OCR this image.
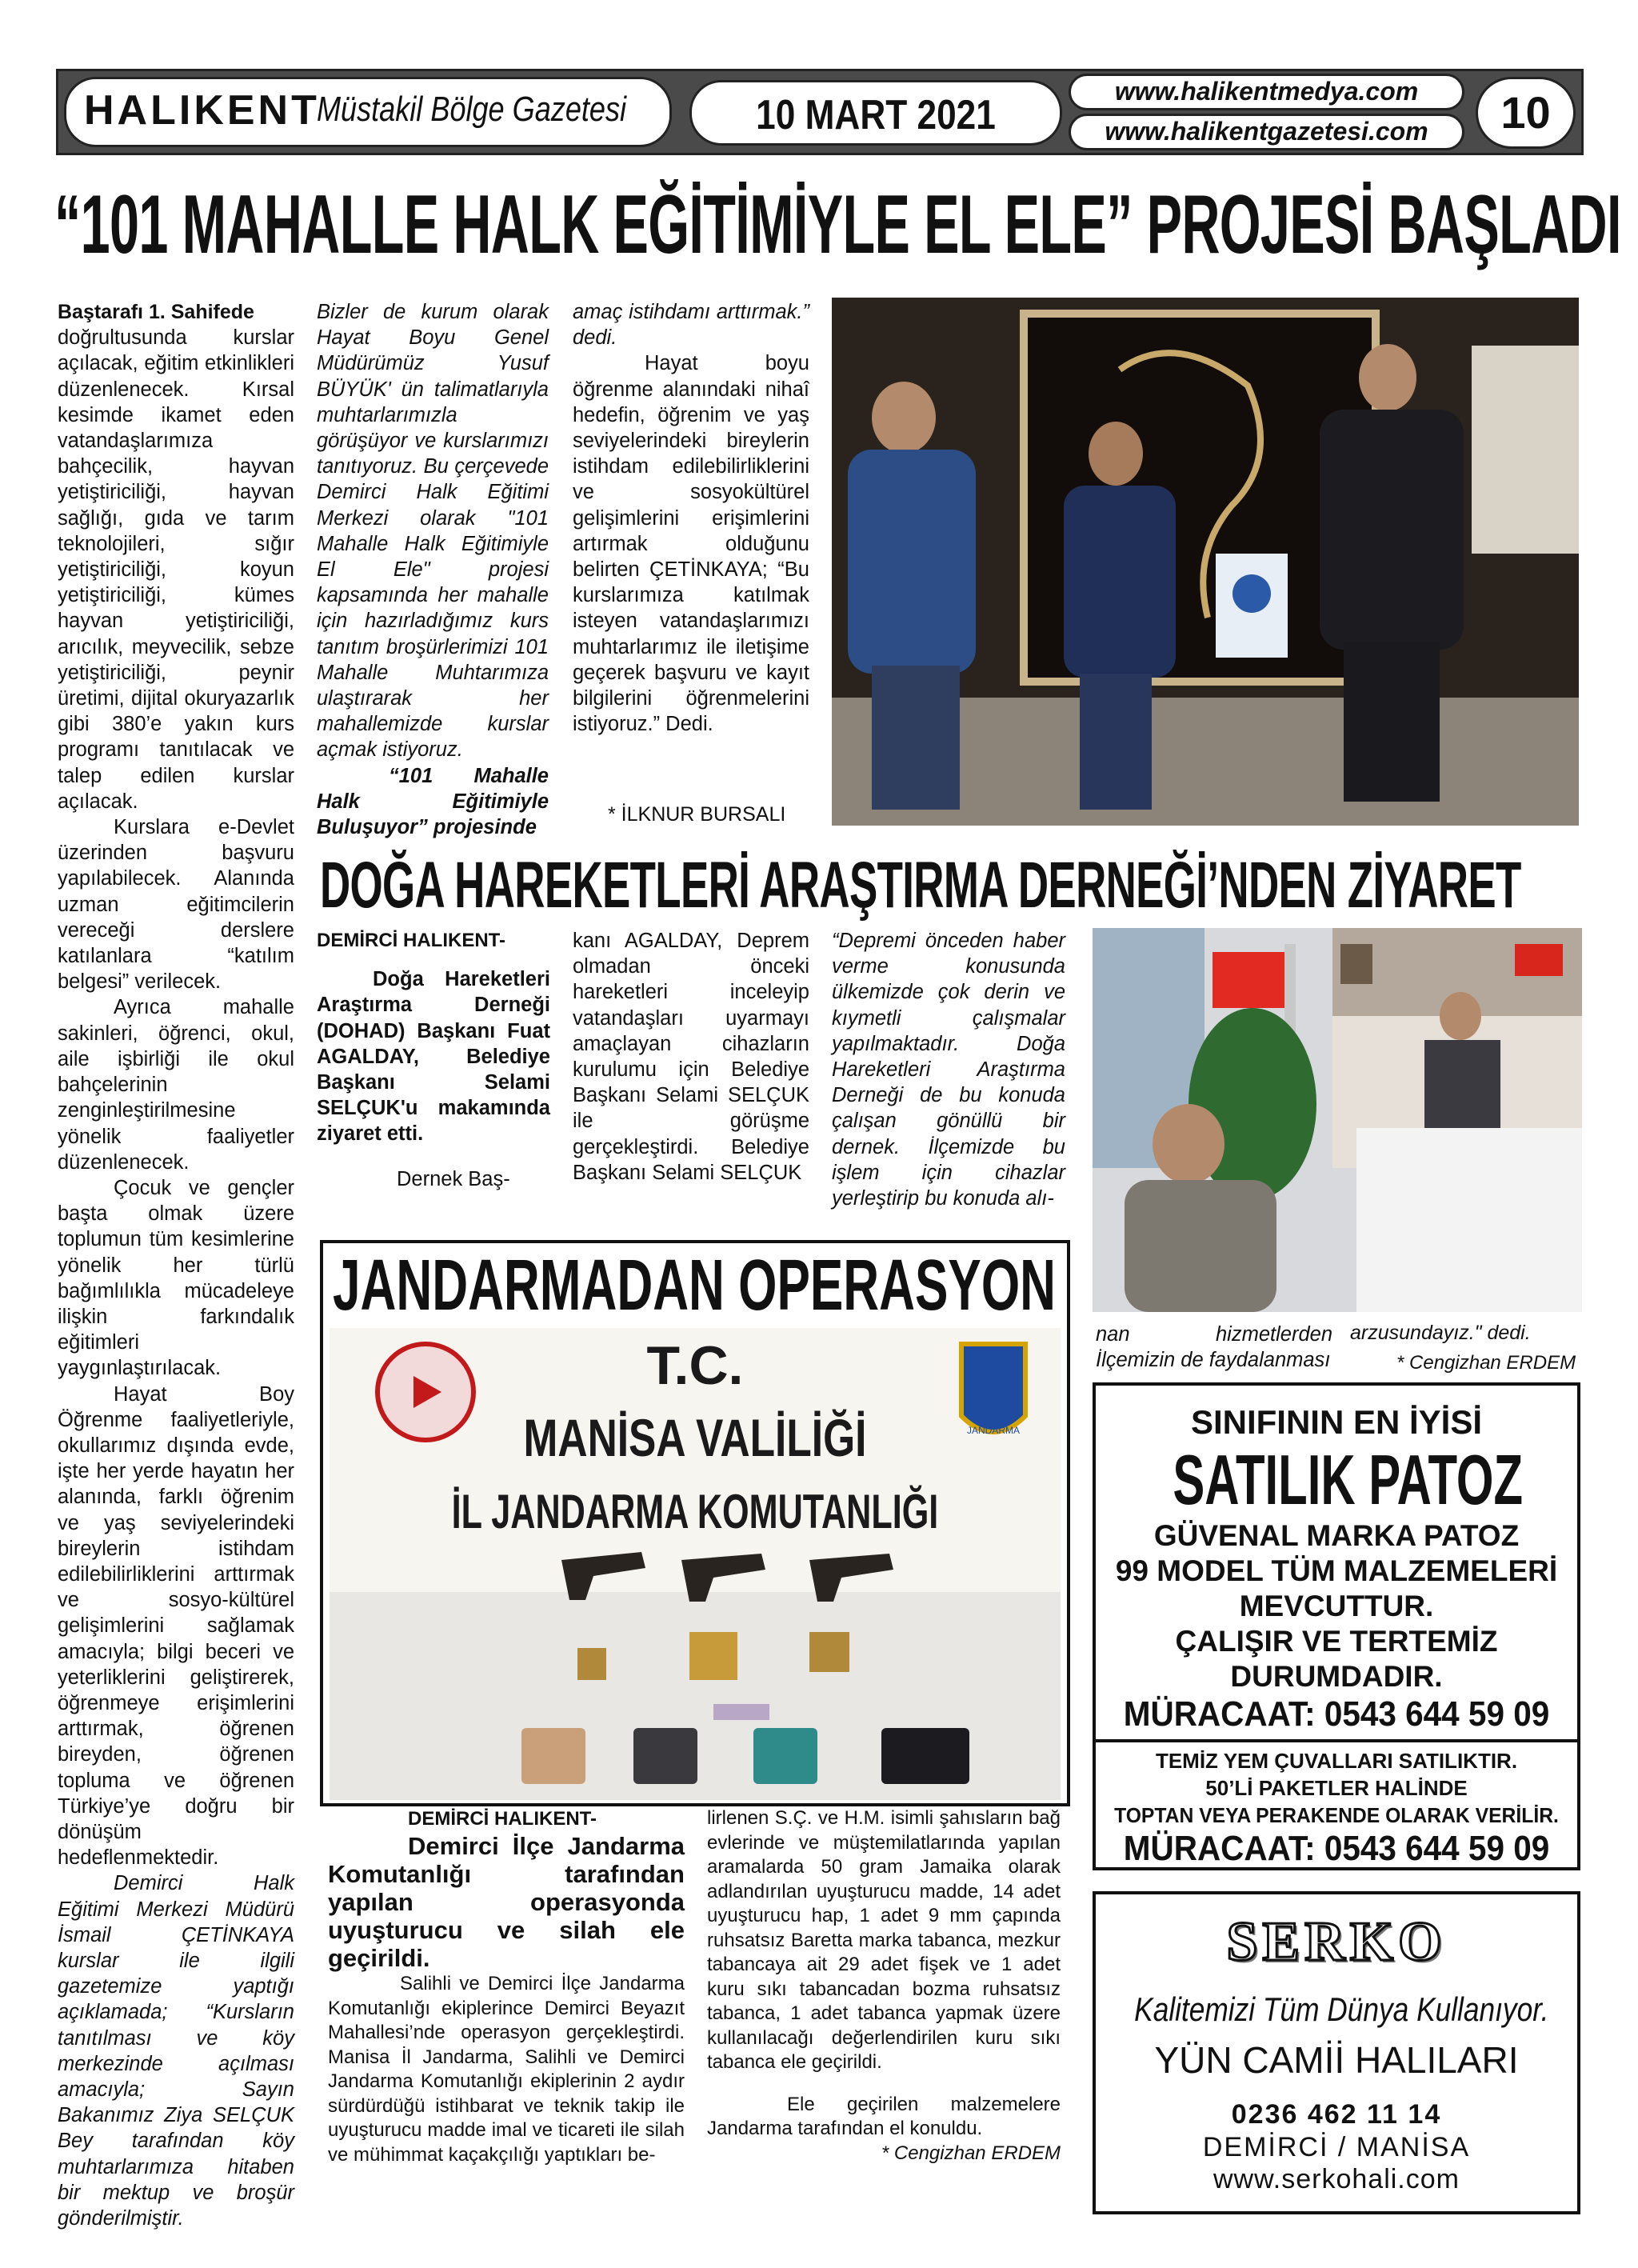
HALIKENT
Müstakil Bölge Gazetesi	10 MART 2021
www.halikentmedya.com
www.halikentgazetesi.com	10
“101 MAHALLE HALK EĞİTİMİYLE EL ELE” PROJESİ BAŞLADI

Baştarafı 1. Sahifede

doğrultusunda kurslar açılacak, eğitim etkinlikleri düzenlenecek. Kırsal kesimde ikamet eden vatandaşlarımıza bahçecilik, hayvan yetiştiriciliği, hayvan sağlığı, gıda ve tarım teknolojileri, sığır yetiştiriciliği, koyun yetiştiriciliği, kümes hayvan yetiştiriciliği, arıcılık, meyvecilik, sebze yetiştiriciliği, peynir üretimi, dijital okuryazarlık gibi 380’e yakın kurs programı tanıtılacak ve talep edilen kurslar açılacak.

Kurslara e-Devlet üzerinden başvuru yapılabilecek. Alanında uzman eğitimcilerin vereceği derslere katılanlara “katılım belgesi” verilecek.

Ayrıca mahalle sakinleri, öğrenci, okul, aile işbirliği ile okul bahçelerinin zenginleştirilmesine yönelik faaliyetler düzenlenecek.

Çocuk ve gençler başta olmak üzere toplumun tüm kesimlerine yönelik her türlü bağımlılıkla mücadeleye ilişkin farkındalık eğitimleri yaygınlaştırılacak.

Hayat Boy Öğrenme faaliyetleriyle, okullarımız dışında evde, işte her yerde hayatın her alanında, farklı öğrenim ve yaş seviyelerindeki bireylerin istihdam edilebilirliklerini arttırmak ve sosyo-kültürel gelişimlerini sağlamak amacıyla; bilgi beceri ve yeterliklerini geliştirerek, öğrenmeye erişimlerini arttırmak, öğrenen bireyden, öğrenen topluma ve öğrenen Türkiye’ye doğru bir dönüşüm hedeflenmektedir.

Demirci Halk Eğitimi Merkezi Müdürü İsmail ÇETİNKAYA kurslar ile ilgili gazetemize yaptığı açıklamada; “Kursların tanıtılması ve köy merkezinde açılması amacıyla; Sayın Bakanımız Ziya SELÇUK Bey tarafından köy muhtarlarımıza hitaben bir mektup ve broşür gönderilmiştir.

Bizler de kurum olarak Hayat Boyu Genel Müdürümüz Yusuf BÜYÜK' ün talimatlarıyla muhtarlarımızla görüşüyor ve kurslarımızı tanıtıyoruz. Bu çerçevede Demirci Halk Eğitimi Merkezi olarak "101 Mahalle Halk Eğitimiyle El Ele" projesi kapsamında her mahalle için hazırladığımız kurs tanıtım broşürlerimizi 101 Mahalle Muhtarımıza ulaştırarak her mahallemizde kurslar açmak istiyoruz.

“101 Mahalle Halk Eğitimiyle Buluşuyor” projesinde

amaç istihdamı arttırmak.” dedi.

Hayat boyu öğrenme alanındaki nihaî hedefin, öğrenim ve yaş seviyelerindeki bireylerin istihdam edilebilirliklerini ve sosyokültürel gelişimlerini erişimlerini artırmak olduğunu belirten ÇETİNKAYA; “Bu kurslarımıza katılmak isteyen vatandaşlarımızı muhtarlarımız ile iletişime geçerek başvuru ve kayıt bilgilerini öğrenmelerini istiyoruz.” Dedi.

* İLKNUR BURSALI
DOĞA HAREKETLERİ ARAŞTIRMA DERNEĞİ’NDEN ZİYARET

DEMİRCİ HALIKENT-

Doğa Hareketleri Araştırma Derneği (DOHAD) Başkanı Fuat AGALDAY, Belediye Başkanı Selami SELÇUK'u makamında ziyaret etti.

Dernek Baş-

kanı AGALDAY, Deprem olmadan önceki hareketleri inceleyip vatandaşları uyarmayı amaçlayan cihazların kurulumu için Belediye Başkanı Selami SELÇUK ile görüşme gerçekleştirdi. Belediye Başkanı Selami SELÇUK
“Depremi önceden haber verme konusunda ülkemizde çok derin ve kıymetli çalışmalar yapılmaktadır. Doğa Hareketleri Araştırma Derneği de bu konuda çalışan gönüllü bir dernek. İlçemizde bu işlem için cihazlar yerleştirip bu konuda alı-
nan hizmetlerden İlçemizin de faydalanması
arzusundayız." dedi.
* Cengizhan ERDEM
JANDARMADAN OPERASYON
T.C.
MANİSA VALİLİĞİ
İL JANDARMA KOMUTANLIĞI
JANDARMA

DEMİRCİ HALIKENT-

Demirci İlçe Jandarma Komutanlığı tarafından yapılan operasyonda uyuşturucu ve silah ele geçirildi.

Salihli ve Demirci İlçe Jandarma Komutanlığı ekiplerince Demirci Beyazıt Mahallesi’nde operasyon gerçekleştirdi. Manisa İl Jandarma, Salihli ve Demirci Jandarma Komutanlığı ekiplerinin 2 aydır sürdürdüğü istihbarat ve teknik takip ile uyuşturucu madde imal ve ticareti ile silah ve mühimmat kaçakçılığı yaptıkları be-

lirlenen S.Ç. ve H.M. isimli şahısların bağ evlerinde ve müştemilatlarında yapılan aramalarda 50 gram Jamaika olarak adlandırılan uyuşturucu madde, 14 adet uyuşturucu hap, 1 adet 9 mm çapında ruhsatsız Baretta marka tabanca, mezkur tabancaya ait 29 adet fişek ve 1 adet kuru sıkı tabancadan bozma ruhsatsız tabanca, 1 adet tabanca yapmak üzere kullanılacağı değerlendirilen kuru sıkı tabanca ele geçirildi.

Ele geçirilen malzemelere Jandarma tarafından el konuldu.

* Cengizhan ERDEM

SINIFININ EN İYİSİ
SATILIK PATOZ
GÜVENAL MARKA PATOZ
99 MODEL TÜM MALZEMELERİ
MEVCUTTUR.
ÇALIŞIR VE TERTEMİZ
DURUMDADIR.
MÜRACAAT: 0543 644 59 09
TEMİZ YEM ÇUVALLARI SATILIKTIR.
50’Lİ PAKETLER HALİNDE
TOPTAN VEYA PERAKENDE OLARAK VERİLİR.
MÜRACAAT: 0543 644 59 09
SERKO
Kalitemizi Tüm Dünya Kullanıyor.
YÜN CAMİİ HALILARI
0236 462 11 14
DEMİRCİ / MANİSA
www.serkohali.com
